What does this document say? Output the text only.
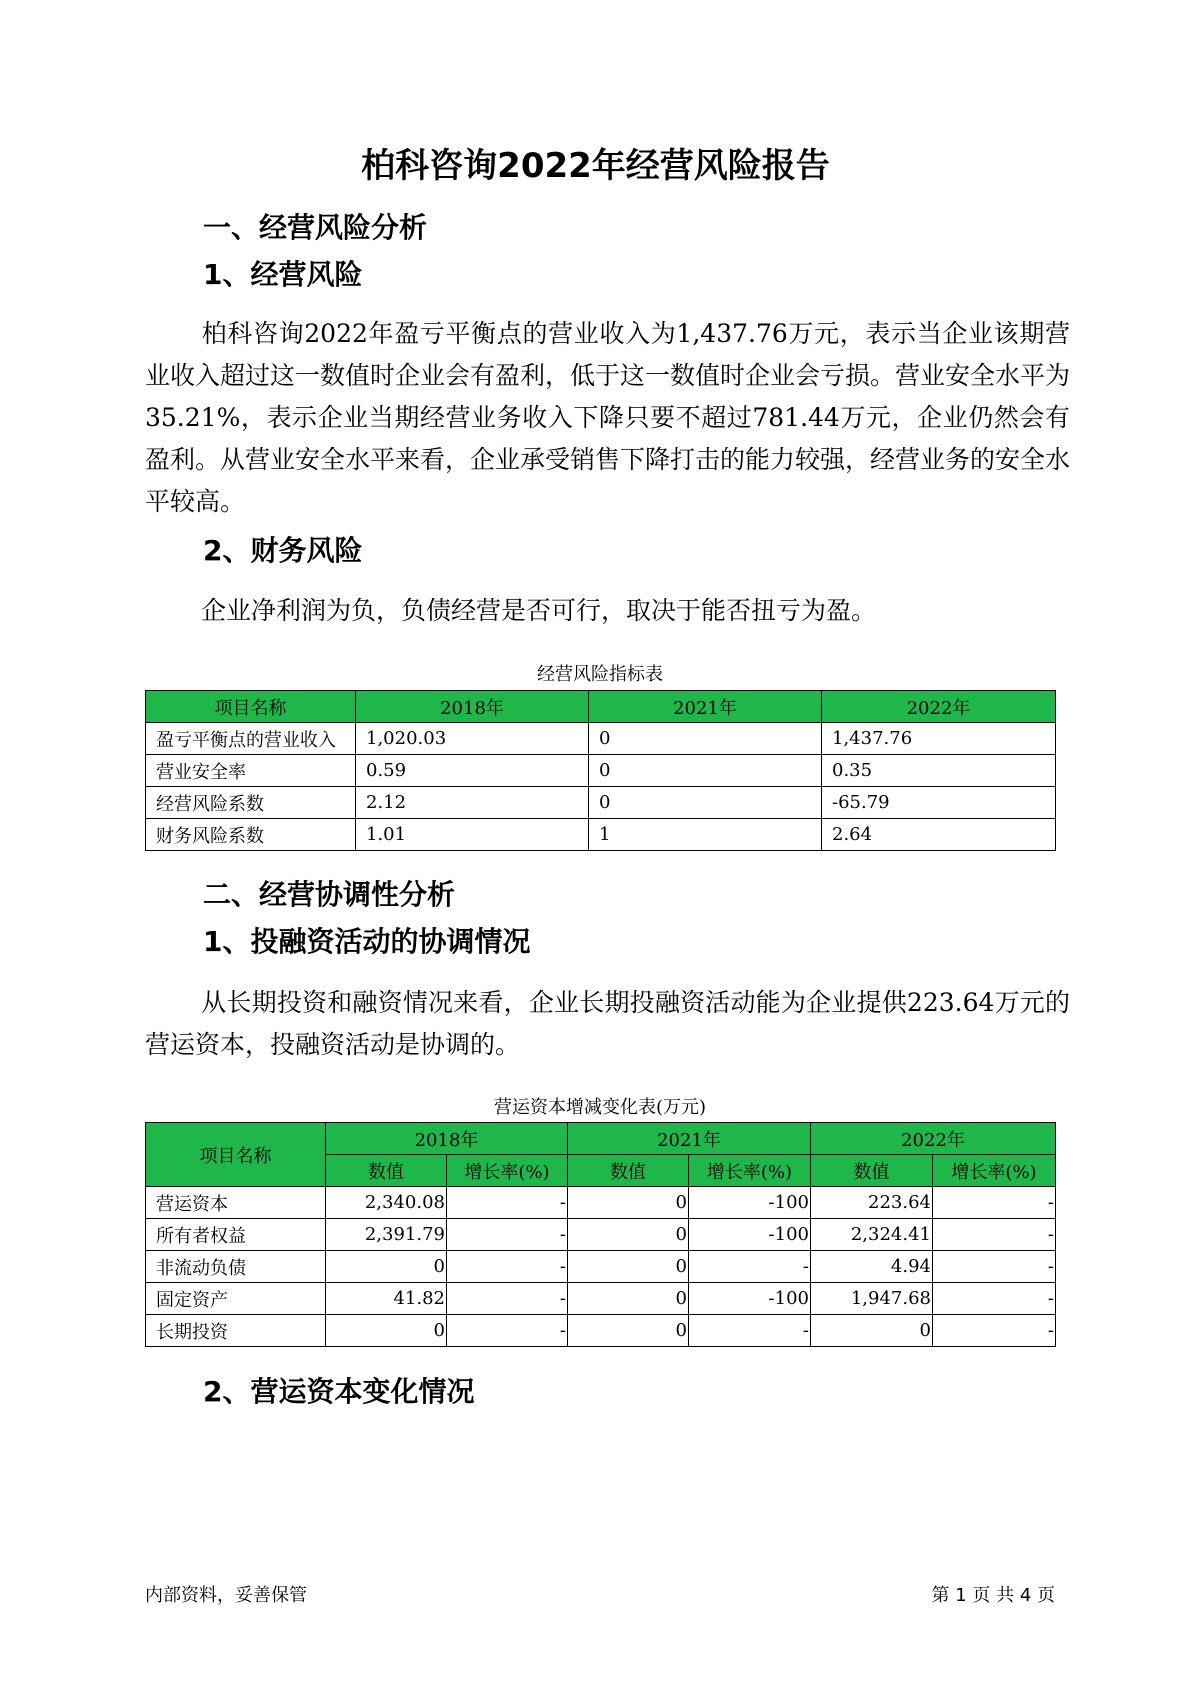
柏科咨询2022年经营风险报告
一、经营风险分析
1、经营风险
柏科咨询2022年盈亏平衡点的营业收入为1,437.76万元，表示当企业该期营业收入超过这一数值时企业会有盈利，低于这一数值时企业会亏损。营业安全水平为35.21%，表示企业当期经营业务收入下降只要不超过781.44万元，企业仍然会有盈利。从营业安全水平来看，企业承受销售下降打击的能力较强，经营业务的安全水平较高。
2、财务风险
企业净利润为负，负债经营是否可行，取决于能否扭亏为盈。
经营风险指标表
项目名称	2018年	2021年	2022年
盈亏平衡点的营业收入	1,020.03	0	1,437.76
营业安全率	0.59	0	0.35
经营风险系数	2.12	0	-65.79
财务风险系数	1.01	1	2.64
二、经营协调性分析
1、投融资活动的协调情况
从长期投资和融资情况来看，企业长期投融资活动能为企业提供223.64万元的营运资本，投融资活动是协调的。
营运资本增减变化表(万元)
项目名称	2018年		2021年		2022年	
	数值	增长率(%)	数值	增长率(%)	数值	增长率(%)
营运资本	2,340.08	-	0	-100	223.64	-
所有者权益	2,391.79	-	0	-100	2,324.41	-
非流动负债	0	-	0	-	4.94	-
固定资产	41.82	-	0	-100	1,947.68	-
长期投资	0	-	0	-	0	-
2、营运资本变化情况
内部资料，妥善保管	第 1 页 共 4 页
